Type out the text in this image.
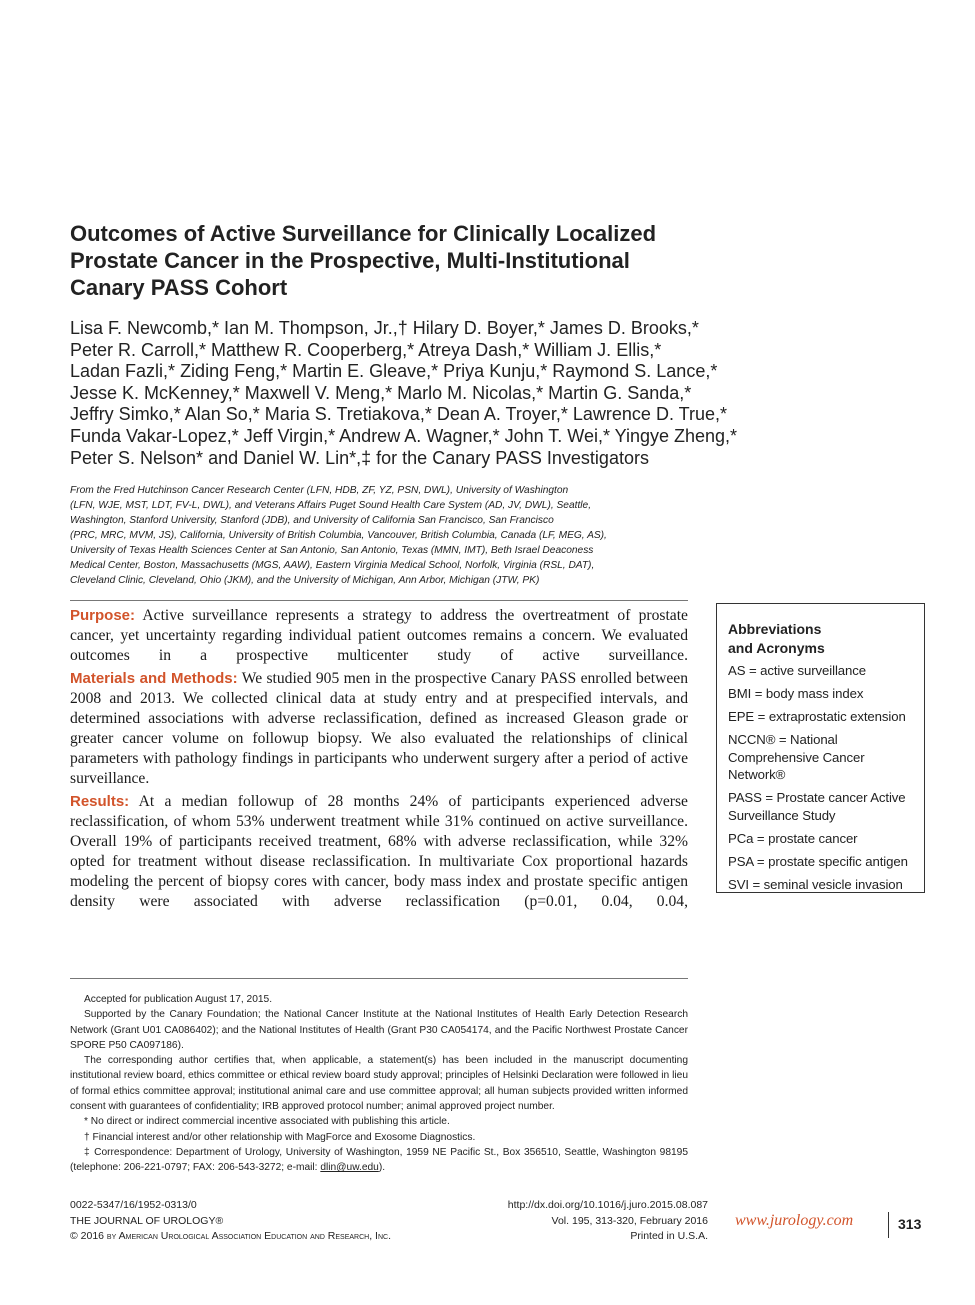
Outcomes of Active Surveillance for Clinically Localized
Prostate Cancer in the Prospective, Multi-Institutional
Canary PASS Cohort
Lisa F. Newcomb,* Ian M. Thompson, Jr.,† Hilary D. Boyer,* James D. Brooks,*
Peter R. Carroll,* Matthew R. Cooperberg,* Atreya Dash,* William J. Ellis,*
Ladan Fazli,* Ziding Feng,* Martin E. Gleave,* Priya Kunju,* Raymond S. Lance,*
Jesse K. McKenney,* Maxwell V. Meng,* Marlo M. Nicolas,* Martin G. Sanda,*
Jeffry Simko,* Alan So,* Maria S. Tretiakova,* Dean A. Troyer,* Lawrence D. True,*
Funda Vakar-Lopez,* Jeff Virgin,* Andrew A. Wagner,* John T. Wei,* Yingye Zheng,*
Peter S. Nelson* and Daniel W. Lin*,‡ for the Canary PASS Investigators
From the Fred Hutchinson Cancer Research Center (LFN, HDB, ZF, YZ, PSN, DWL), University of Washington
(LFN, WJE, MST, LDT, FV-L, DWL), and Veterans Affairs Puget Sound Health Care System (AD, JV, DWL), Seattle,
Washington, Stanford University, Stanford (JDB), and University of California San Francisco, San Francisco
(PRC, MRC, MVM, JS), California, University of British Columbia, Vancouver, British Columbia, Canada (LF, MEG, AS),
University of Texas Health Sciences Center at San Antonio, San Antonio, Texas (MMN, IMT), Beth Israel Deaconess
Medical Center, Boston, Massachusetts (MGS, AAW), Eastern Virginia Medical School, Norfolk, Virginia (RSL, DAT),
Cleveland Clinic, Cleveland, Ohio (JKM), and the University of Michigan, Ann Arbor, Michigan (JTW, PK)

Purpose: Active surveillance represents a strategy to address the overtreatment of prostate cancer, yet uncertainty regarding individual patient outcomes remains a concern. We evaluated outcomes in a prospective multicenter study of active surveillance.

Materials and Methods: We studied 905 men in the prospective Canary PASS enrolled between 2008 and 2013. We collected clinical data at study entry and at prespecified intervals, and determined associations with adverse reclassification, defined as increased Gleason grade or greater cancer volume on followup biopsy. We also evaluated the relationships of clinical parameters with pathology findings in participants who underwent surgery after a period of active surveillance.

Results: At a median followup of 28 months 24% of participants experienced adverse reclassification, of whom 53% underwent treatment while 31% continued on active surveillance. Overall 19% of participants received treatment, 68% with adverse reclassification, while 32% opted for treatment without disease reclassification. In multivariate Cox proportional hazards modeling the percent of biopsy cores with cancer, body mass index and prostate specific antigen density were associated with adverse reclassification (p=0.01, 0.04, 0.04,

Abbreviations
and Acronyms
AS = active surveillance
BMI = body mass index
EPE = extraprostatic extension
NCCN® = National Comprehensive Cancer Network®
PASS = Prostate cancer Active Surveillance Study
PCa = prostate cancer
PSA = prostate specific antigen
SVI = seminal vesicle invasion

Accepted for publication August 17, 2015.

Supported by the Canary Foundation; the National Cancer Institute at the National Institutes of Health Early Detection Research Network (Grant U01 CA086402); and the National Institutes of Health (Grant P30 CA054174, and the Pacific Northwest Prostate Cancer SPORE P50 CA097186).

The corresponding author certifies that, when applicable, a statement(s) has been included in the manuscript documenting institutional review board, ethics committee or ethical review board study approval; principles of Helsinki Declaration were followed in lieu of formal ethics committee approval; institutional animal care and use committee approval; all human subjects provided written informed consent with guarantees of confidentiality; IRB approved protocol number; animal approved project number.

* No direct or indirect commercial incentive associated with publishing this article.

† Financial interest and/or other relationship with MagForce and Exosome Diagnostics.

‡ Correspondence: Department of Urology, University of Washington, 1959 NE Pacific St., Box 356510, Seattle, Washington 98195 (telephone: 206-221-0797; FAX: 206-543-3272; e-mail: dlin@uw.edu).

0022-5347/16/1952-0313/0
THE JOURNAL OF UROLOGY®
© 2016 by American Urological Association Education and Research, Inc.
http://dx.doi.org/10.1016/j.juro.2015.08.087
Vol. 195, 313-320, February 2016
Printed in U.S.A.
www.jurology.com	313
